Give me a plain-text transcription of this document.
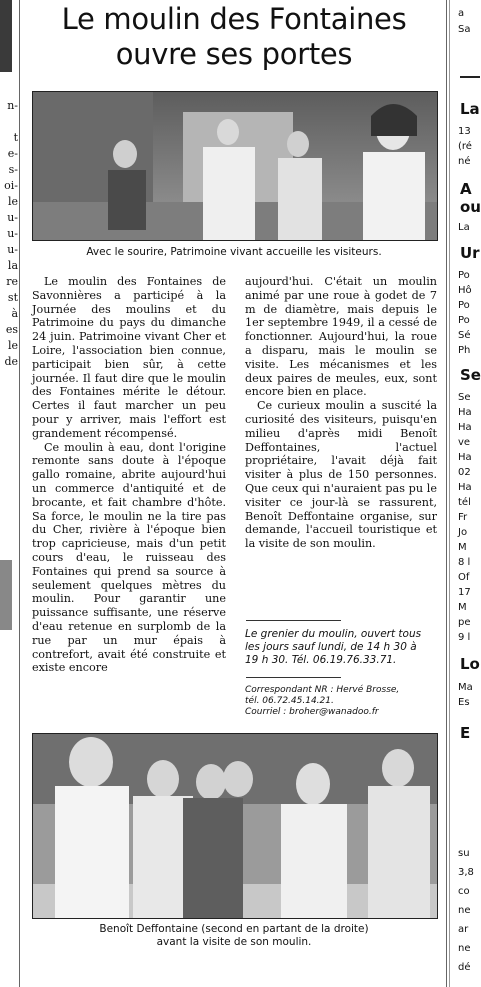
n-
t
e-
s-
oi-
le
u-
u-
u-
la
re
st
à
es
le
de
Le moulin des Fontaines
ouvre ses portes
Avec le sourire, Patrimoine vivant accueille les visiteurs.

Le moulin des Fontaines de Savonnières a participé à la Journée des moulins et du Patrimoine du pays du dimanche 24 juin. Patrimoine vivant Cher et Loire, l'association bien connue, participait bien sûr, à cette journée. Il faut dire que le moulin des Fontaines mérite le détour. Certes il faut marcher un peu pour y arriver, mais l'effort est grandement récompensé.

Ce moulin à eau, dont l'origine remonte sans doute à l'époque gallo romaine, abrite aujourd'hui un commerce d'antiquité et de brocante, et fait chambre d'hôte. Sa force, le moulin ne la tire pas du Cher, rivière à l'époque bien trop capricieuse, mais d'un petit cours d'eau, le ruisseau des Fontaines qui prend sa source à seulement quelques mètres du moulin. Pour garantir une puissance suffisante, une réserve d'eau retenue en surplomb de la rue par un mur épais à contrefort, avait été construite et existe encore

aujourd'hui. C'était un moulin animé par une roue à godet de 7 m de diamètre, mais depuis le 1er septembre 1949, il a cessé de fonctionner. Aujourd'hui, la roue a disparu, mais le moulin se visite. Les mécanismes et les deux paires de meules, eux, sont encore bien en place.

Ce curieux moulin a suscité la curiosité des visiteurs, puisqu'en milieu d'après midi Benoît Deffontaines, l'actuel propriétaire, l'avait déjà fait visiter à plus de 150 personnes. Que ceux qui n'auraient pas pu le visiter ce jour-là se rassurent, Benoît Deffontaine organise, sur demande, l'accueil touristique et la visite de son moulin.

Le grenier du moulin, ouvert tous les jours sauf lundi, de 14 h 30 à 19 h 30. Tél. 06.19.76.33.71.
Correspondant NR : Hervé Brosse,
tél. 06.72.45.14.21.
Courriel : broher@wanadoo.fr
Benoît Deffontaine (second en partant de la droite)
avant la visite de son moulin.
a
Sa
La
13
(ré
né
A
ou
La
Ur
Po
Hô
Po
Po
Sé
Ph
Se
Se
Ha
Ha
ve
Ha
02
Ha
tél
Fr
Jo
M
8 l
Of
17
M
pe
9 l
Lo
Ma
Es
E
su
3,8
co
ne
ar
ne
dé
